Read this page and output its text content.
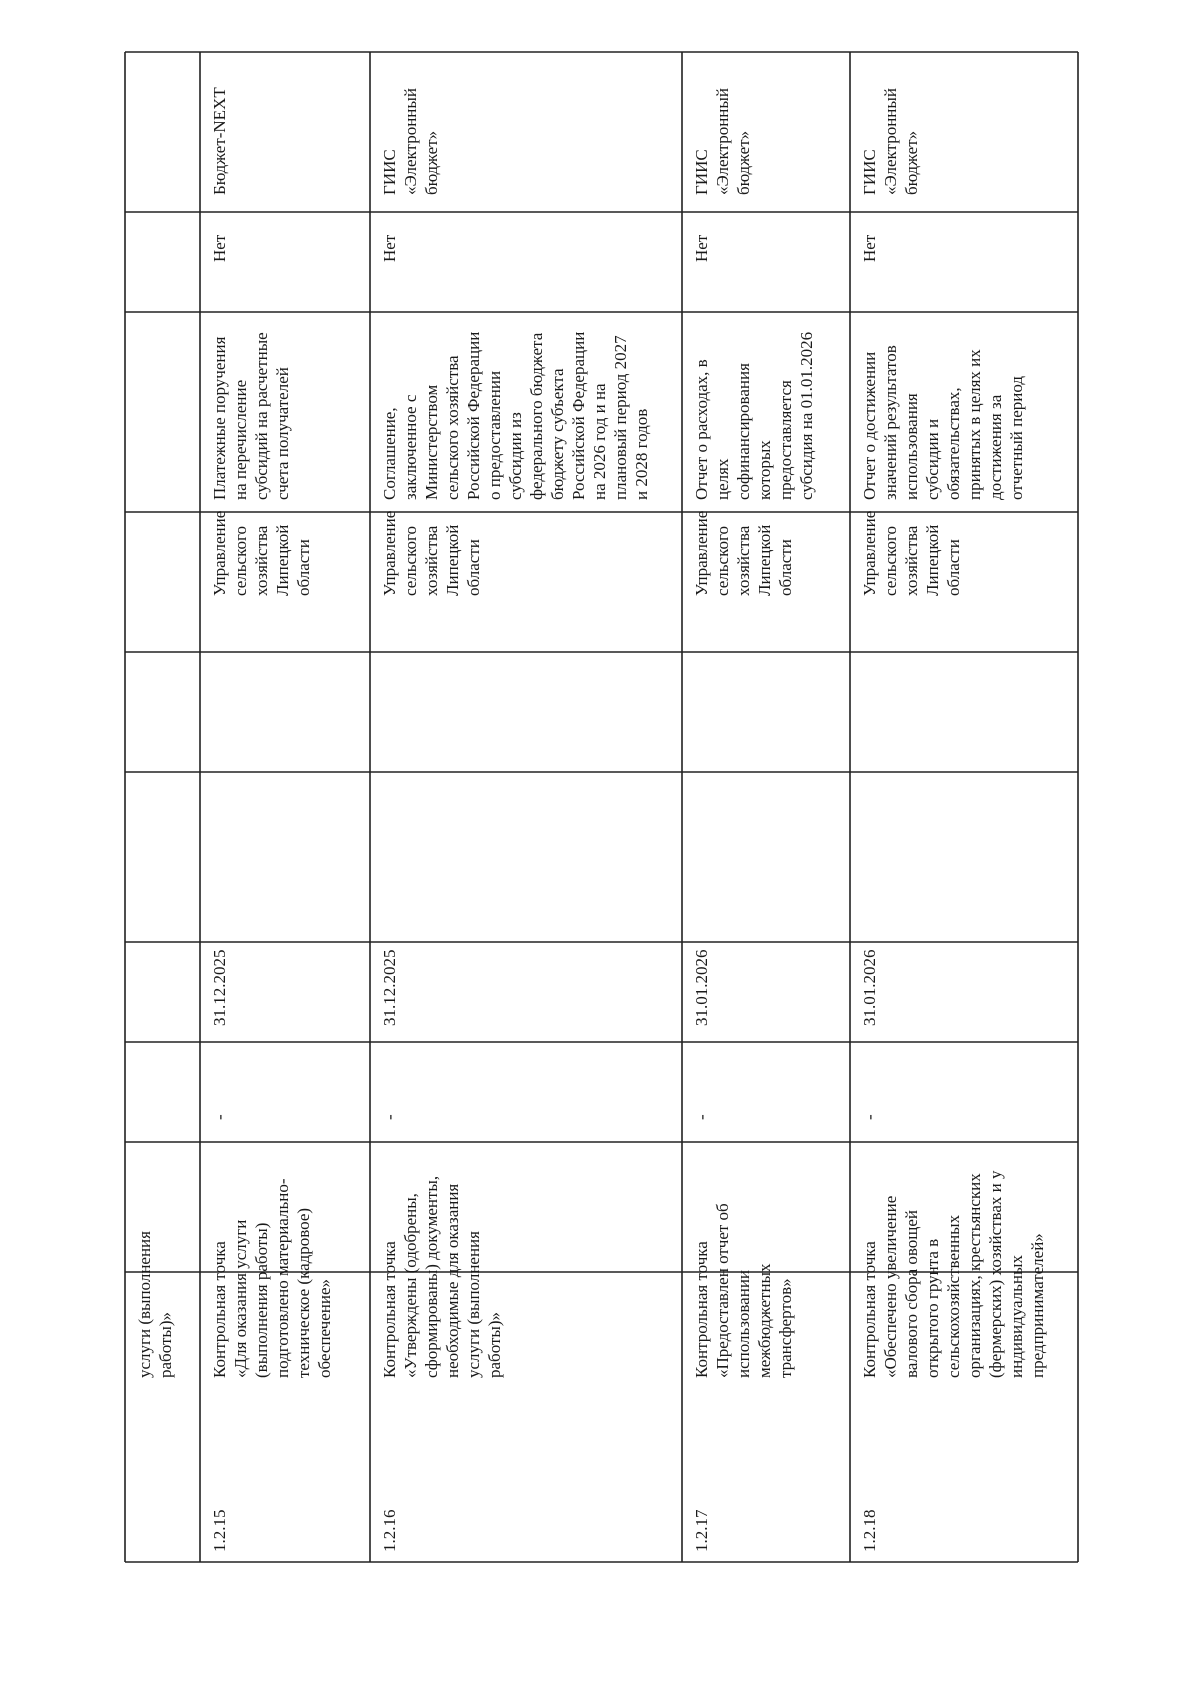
услуги (выполнения работы)»
1.2.15
Контрольная точка «Для оказания услуги (выполнения работы) подготовлено материально- техническое (кадровое) обеспечение»
-
31.12.2025
Управление сельского хозяйства Липецкой области
Платежные поручения на перечисление субсидий на расчетные счета получателей
Нет
Бюджет-NEXT
1.2.16
Контрольная точка «Утверждены (одобрены, сформированы) документы, необходимые для оказания услуги (выполнения работы)»
-
31.12.2025
Управление сельского хозяйства Липецкой области
Соглашение, заключенное с Министерством сельского хозяйства Российской Федерации о предоставлении субсидии из федерального бюджета бюджету субъекта Российской Федерации на 2026 год и на плановый период 2027 и 2028 годов
Нет
ГИИС «Электронный бюджет»
1.2.17
Контрольная точка «Предоставлен отчет об использовании межбюджетных трансфертов»
-
31.01.2026
Управление сельского хозяйства Липецкой области
Отчет о расходах, в целях софинансирования которых предоставляется субсидия на 01.01.2026
Нет
ГИИС «Электронный бюджет»
1.2.18
Контрольная точка «Обеспечено увеличение валового сбора овощей открытого грунта в сельскохозяйственных организациях, крестьянских (фермерских) хозяйствах и у индивидуальных предпринимателей»
-
31.01.2026
Управление сельского хозяйства Липецкой области
Отчет о достижении значений результатов использования субсидии и обязательствах, принятых в целях их достижения за отчетный период
Нет
ГИИС «Электронный бюджет»
